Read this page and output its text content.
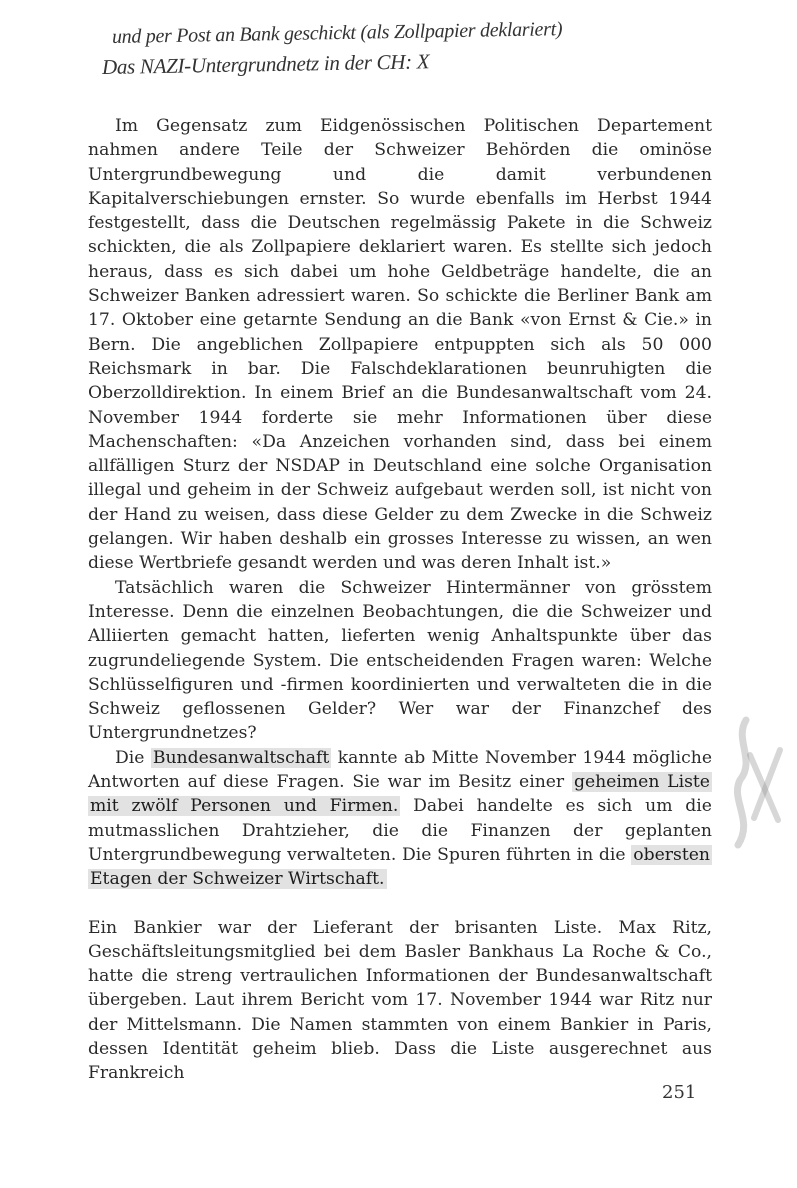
und per Post an Bank geschickt (als Zollpapier deklariert)
Das NAZI-Untergrundnetz in der CH: X

Im Gegensatz zum Eidgenössischen Politischen Departement nahmen andere Teile der Schweizer Behörden die ominöse Untergrundbewegung und die damit verbundenen Kapitalverschiebungen ernster. So wurde ebenfalls im Herbst 1944 festgestellt, dass die Deutschen regelmässig Pakete in die Schweiz schickten, die als Zollpapiere deklariert waren. Es stellte sich jedoch heraus, dass es sich dabei um hohe Geldbeträge handelte, die an Schweizer Banken adressiert waren. So schickte die Berliner Bank am 17. Oktober eine getarnte Sendung an die Bank «von Ernst & Cie.» in Bern. Die angeblichen Zollpapiere entpuppten sich als 50 000 Reichsmark in bar. Die Falschdeklarationen beunruhigten die Oberzolldirektion. In einem Brief an die Bundesanwaltschaft vom 24. November 1944 forderte sie mehr Informationen über diese Machenschaften: «Da Anzeichen vorhanden sind, dass bei einem allfälligen Sturz der NSDAP in Deutschland eine solche Organisation illegal und geheim in der Schweiz aufgebaut werden soll, ist nicht von der Hand zu weisen, dass diese Gelder zu dem Zwecke in die Schweiz gelangen. Wir haben deshalb ein grosses Interesse zu wissen, an wen diese Wertbriefe gesandt werden und was deren Inhalt ist.»

Tatsächlich waren die Schweizer Hintermänner von grösstem Interesse. Denn die einzelnen Beobachtungen, die die Schweizer und Alliierten gemacht hatten, lieferten wenig Anhaltspunkte über das zugrundeliegende System. Die entscheidenden Fragen waren: Welche Schlüsselfiguren und -firmen koordinierten und verwalteten die in die Schweiz geflossenen Gelder? Wer war der Finanzchef des Untergrundnetzes?

Die Bundesanwaltschaft kannte ab Mitte November 1944 mögliche Antworten auf diese Fragen. Sie war im Besitz einer geheimen Liste mit zwölf Personen und Firmen. Dabei handelte es sich um die mutmasslichen Drahtzieher, die die Finanzen der geplanten Untergrundbewegung verwalteten. Die Spuren führten in die obersten Etagen der Schweizer Wirtschaft.

Ein Bankier war der Lieferant der brisanten Liste. Max Ritz, Geschäftsleitungsmitglied bei dem Basler Bankhaus La Roche & Co., hatte die streng vertraulichen Informationen der Bundesanwaltschaft übergeben. Laut ihrem Bericht vom 17. November 1944 war Ritz nur der Mittelsmann. Die Namen stammten von einem Bankier in Paris, dessen Identität geheim blieb. Dass die Liste ausgerechnet aus Frankreich

251
